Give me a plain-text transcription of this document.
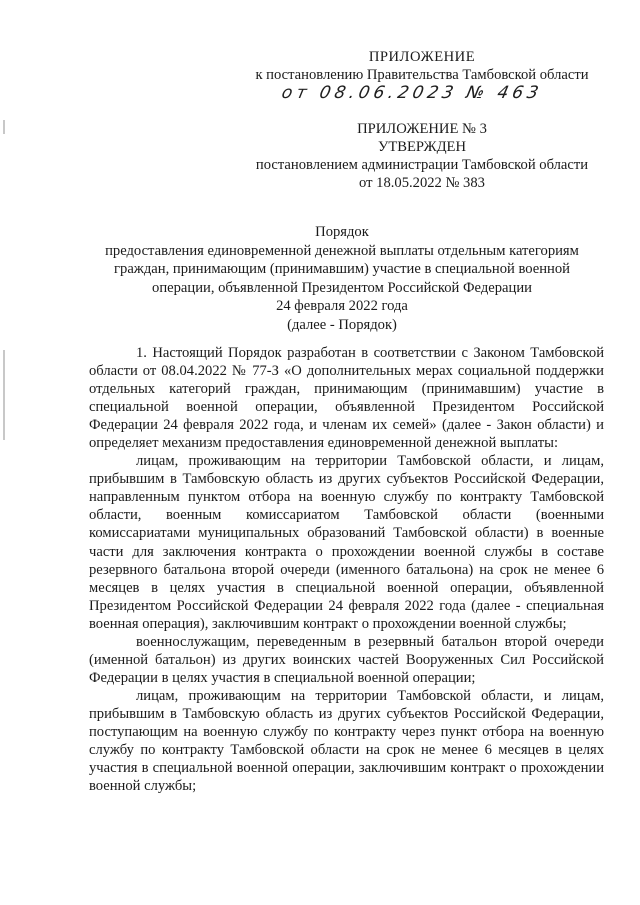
ПРИЛОЖЕНИЕ
к постановлению Правительства Тамбовской области
от 08.06.2023 № 463
ПРИЛОЖЕНИЕ № 3
УТВЕРЖДЕН
постановлением администрации Тамбовской области
от 18.05.2022 № 383
Порядок
предоставления единовременной денежной выплаты отдельным категориям
граждан, принимающим (принимавшим) участие в специальной военной
операции, объявленной Президентом Российской Федерации
24 февраля 2022 года
(далее - Порядок)

1. Настоящий Порядок разработан в соответствии с Законом Тамбовской области от 08.04.2022 № 77-З «О дополнительных мерах социальной поддержки отдельных категорий граждан, принимающим (принимавшим) участие в специальной военной операции, объявленной Президентом Российской Федерации 24 февраля 2022 года, и членам их семей» (далее - Закон области) и определяет механизм предоставления единовременной денежной выплаты:

лицам, проживающим на территории Тамбовской области, и лицам, прибывшим в Тамбовскую область из других субъектов Российской Федерации, направленным пунктом отбора на военную службу по контракту Тамбовской области, военным комиссариатом Тамбовской области (военными комиссариатами муниципальных образований Тамбовской области) в военные части для заключения контракта о прохождении военной службы в составе резервного батальона второй очереди (именного батальона) на срок не менее 6 месяцев в целях участия в специальной военной операции, объявленной Президентом Российской Федерации 24 февраля 2022 года (далее - специальная военная операция), заключившим контракт о прохождении военной службы;

военнослужащим, переведенным в резервный батальон второй очереди (именной батальон) из других воинских частей Вооруженных Сил Российской Федерации в целях участия в специальной военной операции;

лицам, проживающим на территории Тамбовской области, и лицам, прибывшим в Тамбовскую область из других субъектов Российской Федерации, поступающим на военную службу по контракту через пункт отбора на военную службу по контракту Тамбовской области на срок не менее 6 месяцев в целях участия в специальной военной операции, заключившим контракт о прохождении военной службы;
